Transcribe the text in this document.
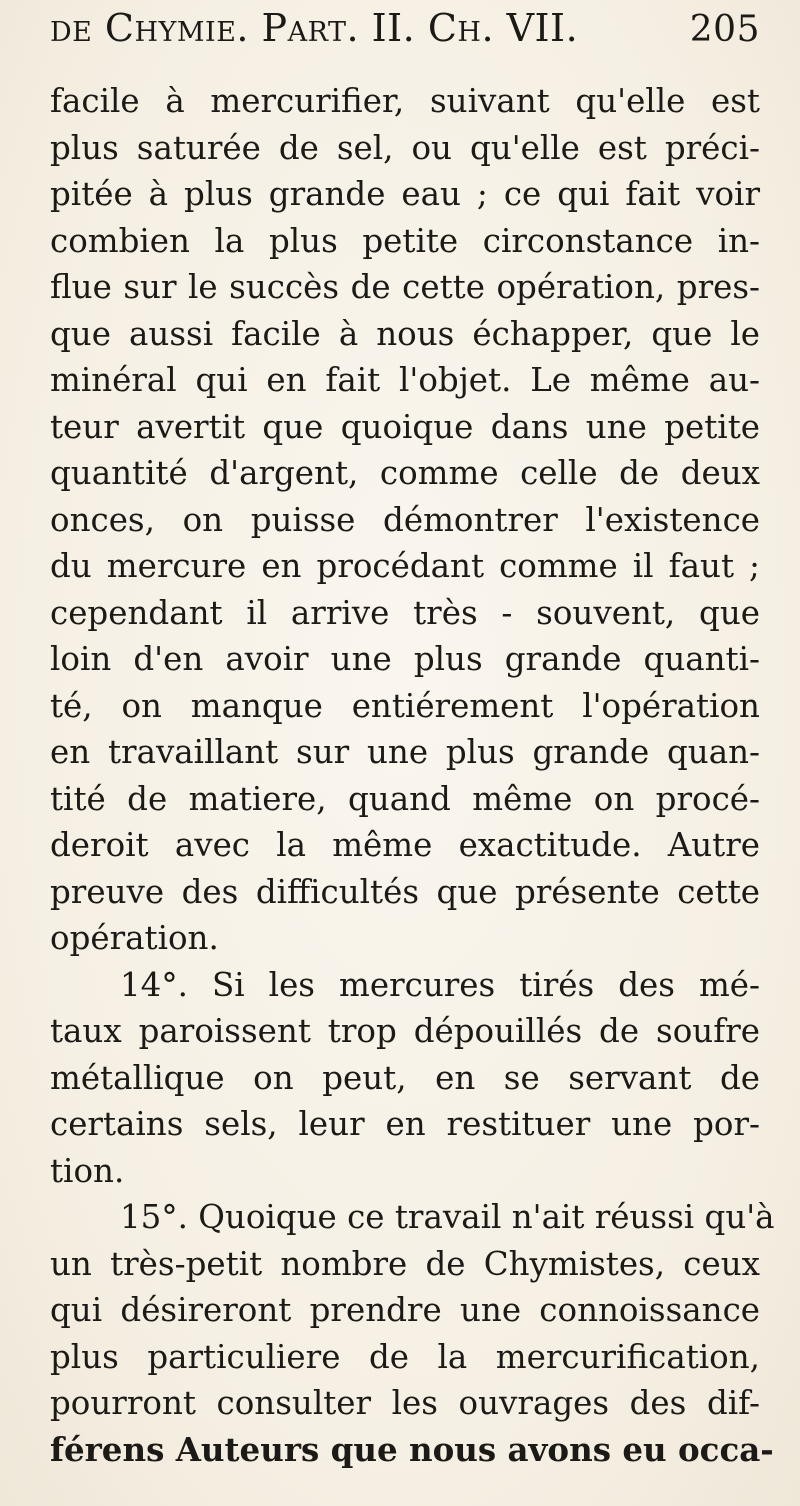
de Chymie. Part. II. Ch. VII.	205
facile à mercurifier, suivant qu'elle est
plus saturée de sel, ou qu'elle est préci-
pitée à plus grande eau ; ce qui fait voir
combien la plus petite circonstance in-
flue sur le succès de cette opération, pres-
que aussi facile à nous échapper, que le
minéral qui en fait l'objet. Le même au-
teur avertit que quoique dans une petite
quantité d'argent, comme celle de deux
onces, on puisse démontrer l'existence
du mercure en procédant comme il faut ;
cependant il arrive très - souvent, que
loin d'en avoir une plus grande quanti-
té, on manque entiérement l'opération
en travaillant sur une plus grande quan-
tité de matiere, quand même on procé-
deroit avec la même exactitude. Autre
preuve des difficultés que présente cette
opération.
14°. Si les mercures tirés des mé-
taux paroissent trop dépouillés de soufre
métallique on peut, en se servant de
certains sels, leur en restituer une por-
tion.
15°. Quoique ce travail n'ait réussi qu'à
un très-petit nombre de Chymistes, ceux
qui désireront prendre une connoissance
plus particuliere de la mercurification,
pourront consulter les ouvrages des dif-
férens Auteurs que nous avons eu occa-
